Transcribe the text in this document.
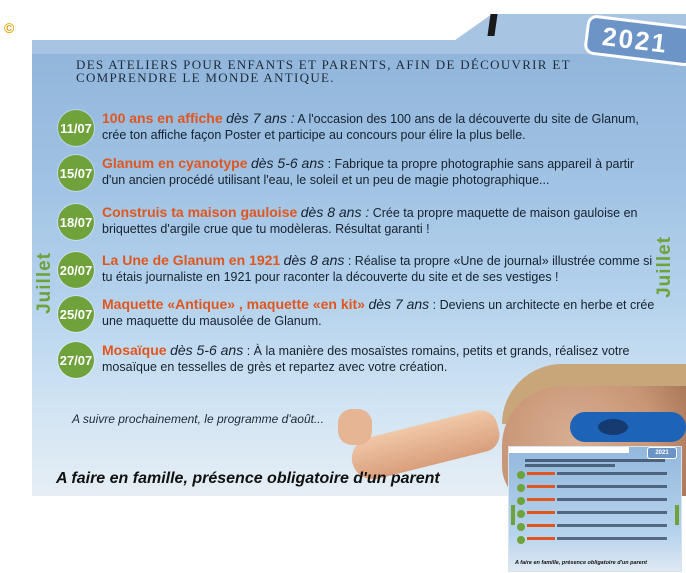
©	2021
DES ATELIERS POUR ENFANTS ET PARENTS, AFIN DE DÉCOUVRIR ET COMPRENDRE LE MONDE ANTIQUE.
Juillet	Juillet
11/07
100 ans en affiche dès 7 ans : A l'occasion des 100 ans de la découverte du site de Glanum, crée ton affiche façon Poster et participe au concours pour élire la plus belle.
15/07
Glanum en cyanotype dès 5-6 ans : Fabrique ta propre photographie sans appareil à partir d'un ancien procédé utilisant l'eau, le soleil et un peu de magie photographique...
18/07
Construis ta maison gauloise dès 8 ans : Crée ta propre maquette de maison gauloise en briquettes d'argile crue que tu modèleras. Résultat garanti !
20/07
La Une de Glanum en 1921 dès 8 ans : Réalise ta propre «Une de journal» illustrée comme si tu étais journaliste en 1921 pour raconter la découverte du site et de ses vestiges !
25/07
Maquette «Antique» , maquette «en kit» dès 7 ans : Deviens un architecte en herbe et crée une maquette du mausolée de Glanum.
27/07
Mosaïque dès 5-6 ans : À la manière des mosaïstes romains, petits et grands, réalisez votre mosaïque en tesselles de grès et repartez avec votre création.
A suivre prochainement, le programme d'août...
A faire en famille, présence obligatoire d'un parent
2021
A faire en famille, présence obligatoire d'un parent
